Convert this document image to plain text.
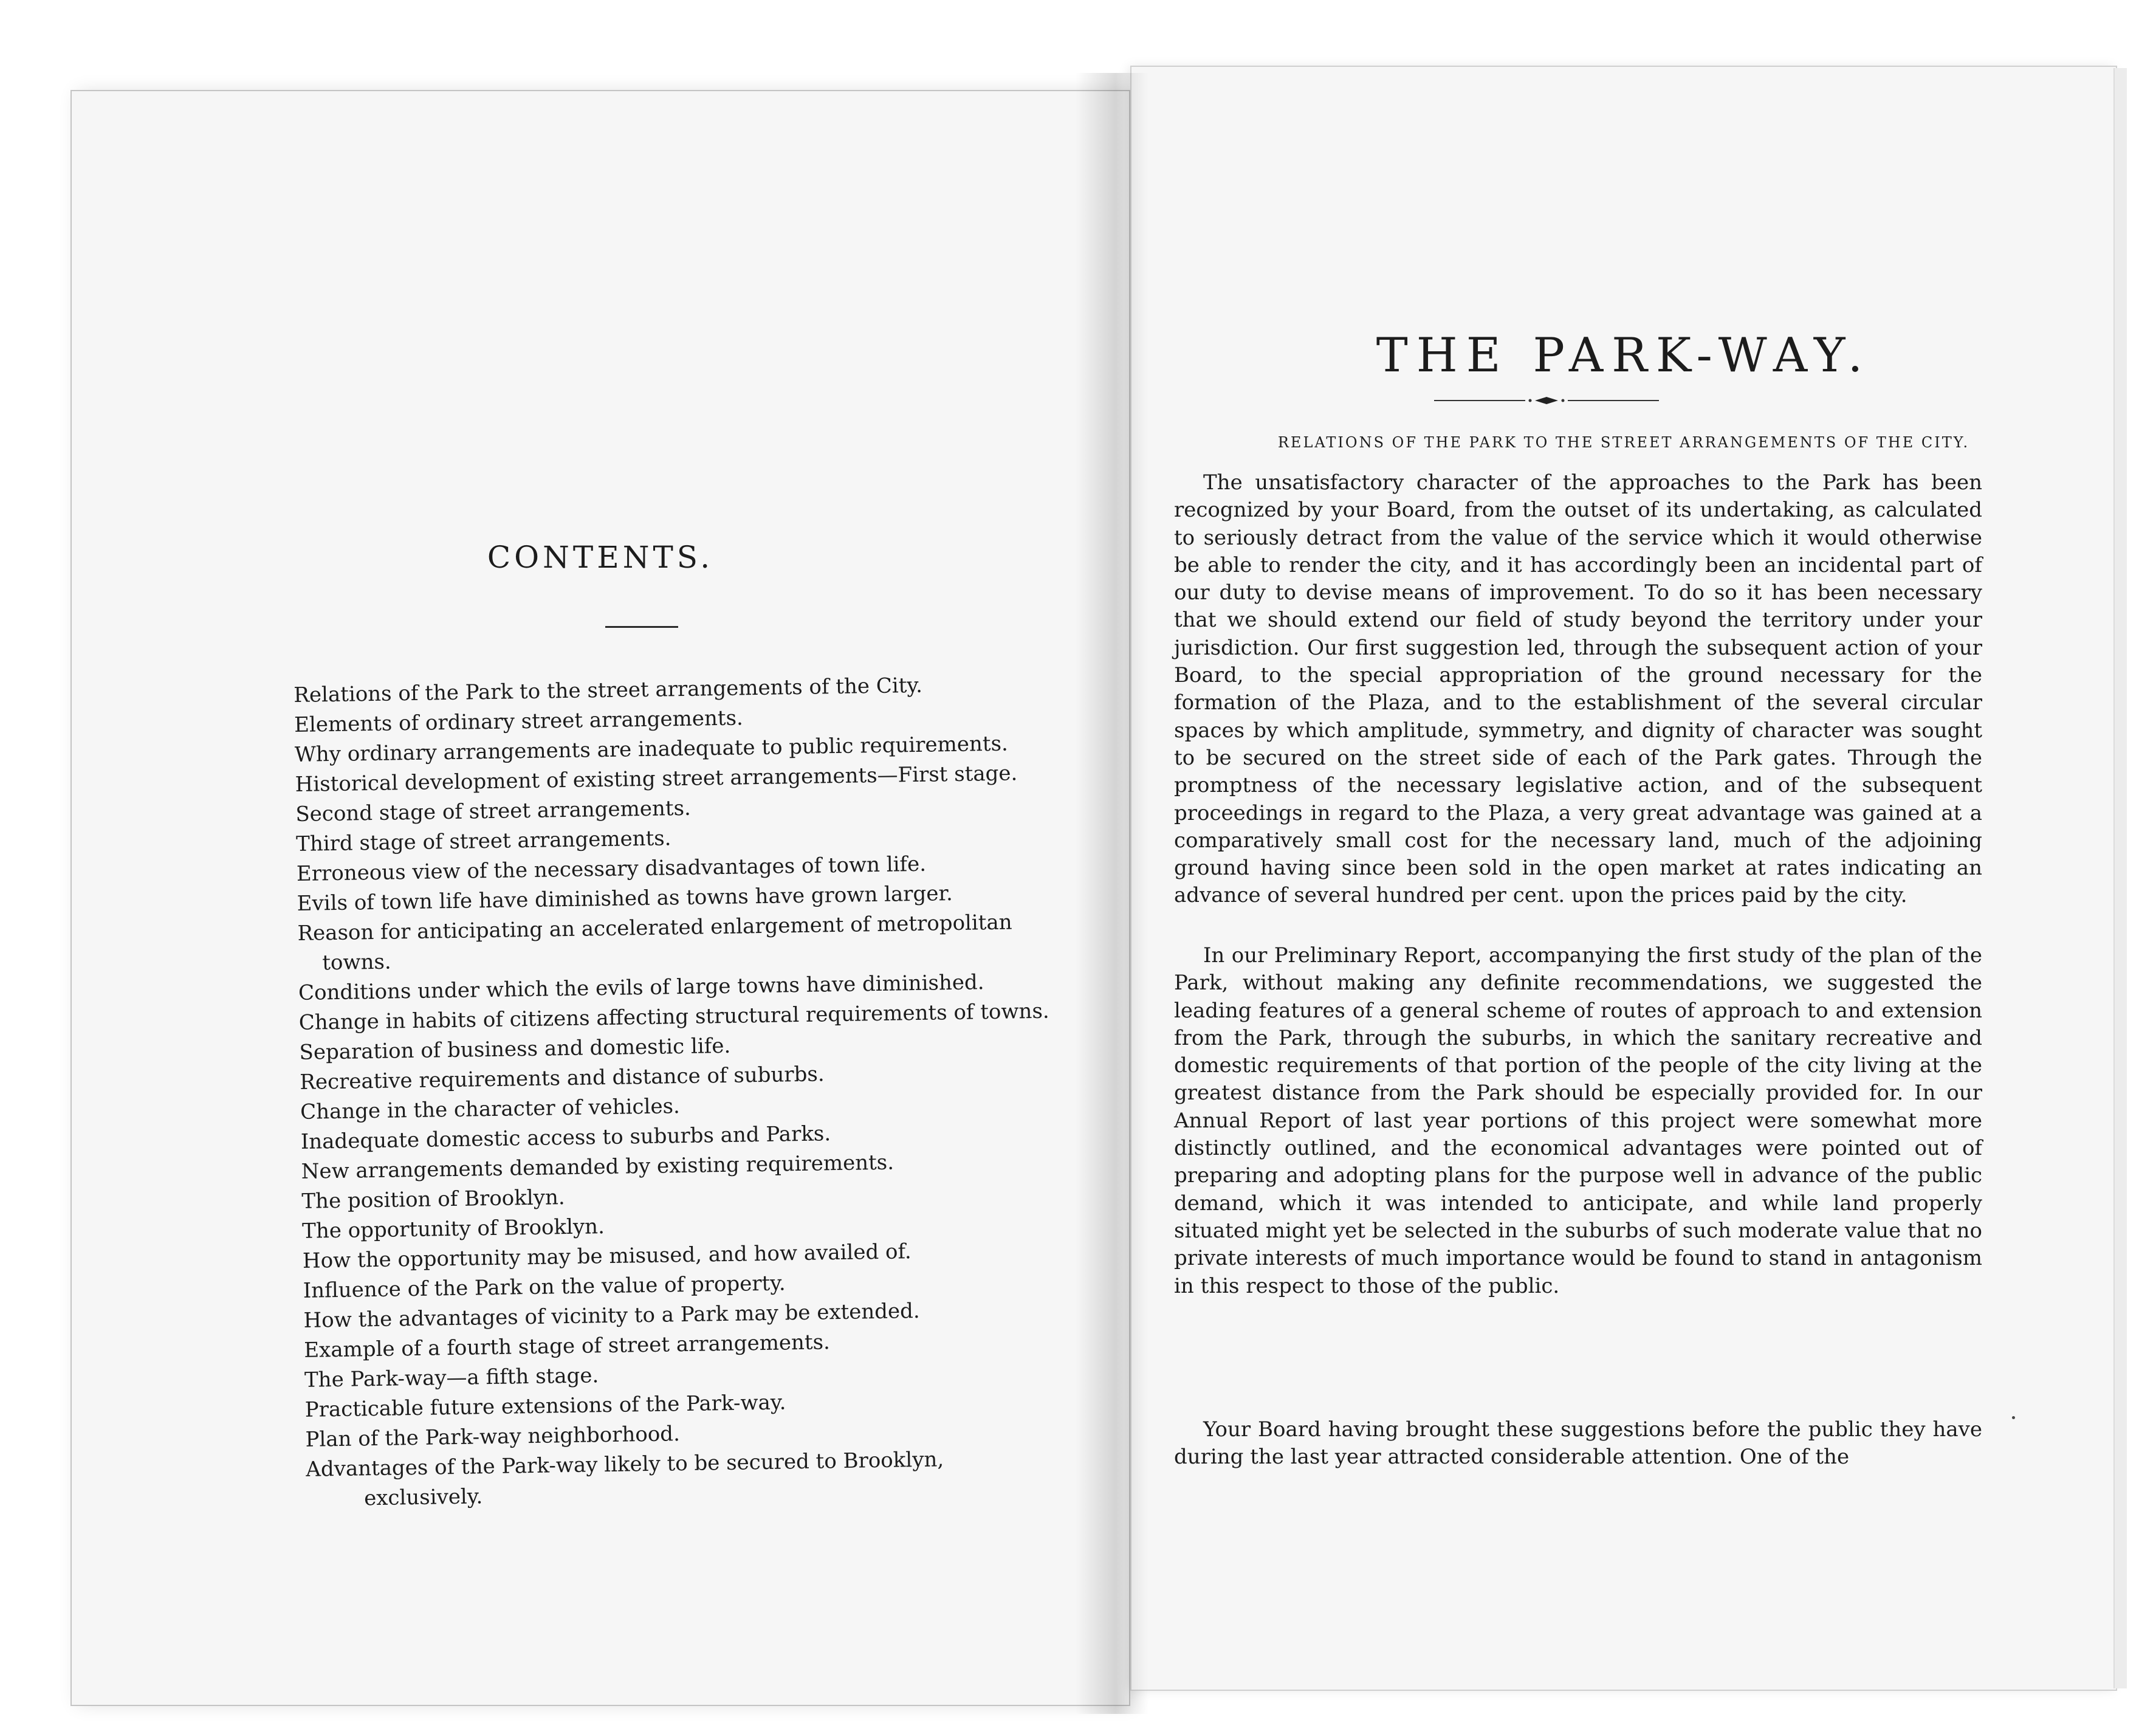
CONTENTS.
Relations of the Park to the street arrangements of the City.
Elements of ordinary street arrangements.
Why ordinary arrangements are inadequate to public requirements.
Historical development of existing street arrangements—First stage.
Second stage of street arrangements.
Third stage of street arrangements.
Erroneous view of the necessary disadvantages of town life.
Evils of town life have diminished as towns have grown larger.
Reason for anticipating an accelerated enlargement of metropolitan
towns.
Conditions under which the evils of large towns have diminished.
Change in habits of citizens affecting structural requirements of towns.
Separation of business and domestic life.
Recreative requirements and distance of suburbs.
Change in the character of vehicles.
Inadequate domestic access to suburbs and Parks.
New arrangements demanded by existing requirements.
The position of Brooklyn.
The opportunity of Brooklyn.
How the opportunity may be misused, and how availed of.
Influence of the Park on the value of property.
How the advantages of vicinity to a Park may be extended.
Example of a fourth stage of street arrangements.
The Park-way—a fifth stage.
Practicable future extensions of the Park-way.
Plan of the Park-way neighborhood.
Advantages of the Park-way likely to be secured to Brooklyn,
exclusively.
THE PARK-WAY.
RELATIONS OF THE PARK TO THE STREET ARRANGEMENTS OF THE CITY.

The unsatisfactory character of the approaches to the Park has been recognized by your Board, from the outset of its undertaking, as calculated to seriously detract from the value of the service which it would otherwise be able to render the city, and it has accordingly been an incidental part of our duty to devise means of improvement. To do so it has been necessary that we should extend our field of study beyond the territory under your jurisdiction. Our first suggestion led, through the subsequent action of your Board, to the special appropriation of the ground necessary for the formation of the Plaza, and to the establishment of the several circular spaces by which amplitude, symmetry, and dignity of character was sought to be secured on the street side of each of the Park gates. Through the promptness of the necessary legislative action, and of the subsequent proceedings in regard to the Plaza, a very great advantage was gained at a comparatively small cost for the necessary land, much of the adjoining ground having since been sold in the open market at rates indicating an advance of several hundred per cent. upon the prices paid by the city.

In our Preliminary Report, accompanying the first study of the plan of the Park, without making any definite recommendations, we suggested the leading features of a general scheme of routes of approach to and extension from the Park, through the suburbs, in which the sanitary recreative and domestic requirements of that portion of the people of the city living at the greatest distance from the Park should be especially provided for. In our Annual Report of last year portions of this project were somewhat more distinctly outlined, and the economical advantages were pointed out of preparing and adopting plans for the purpose well in advance of the public demand, which it was intended to anticipate, and while land properly situated might yet be selected in the suburbs of such moderate value that no private interests of much importance would be found to stand in antagonism in this respect to those of the public.

Your Board having brought these suggestions before the public they have during the last year attracted considerable attention. One of the
